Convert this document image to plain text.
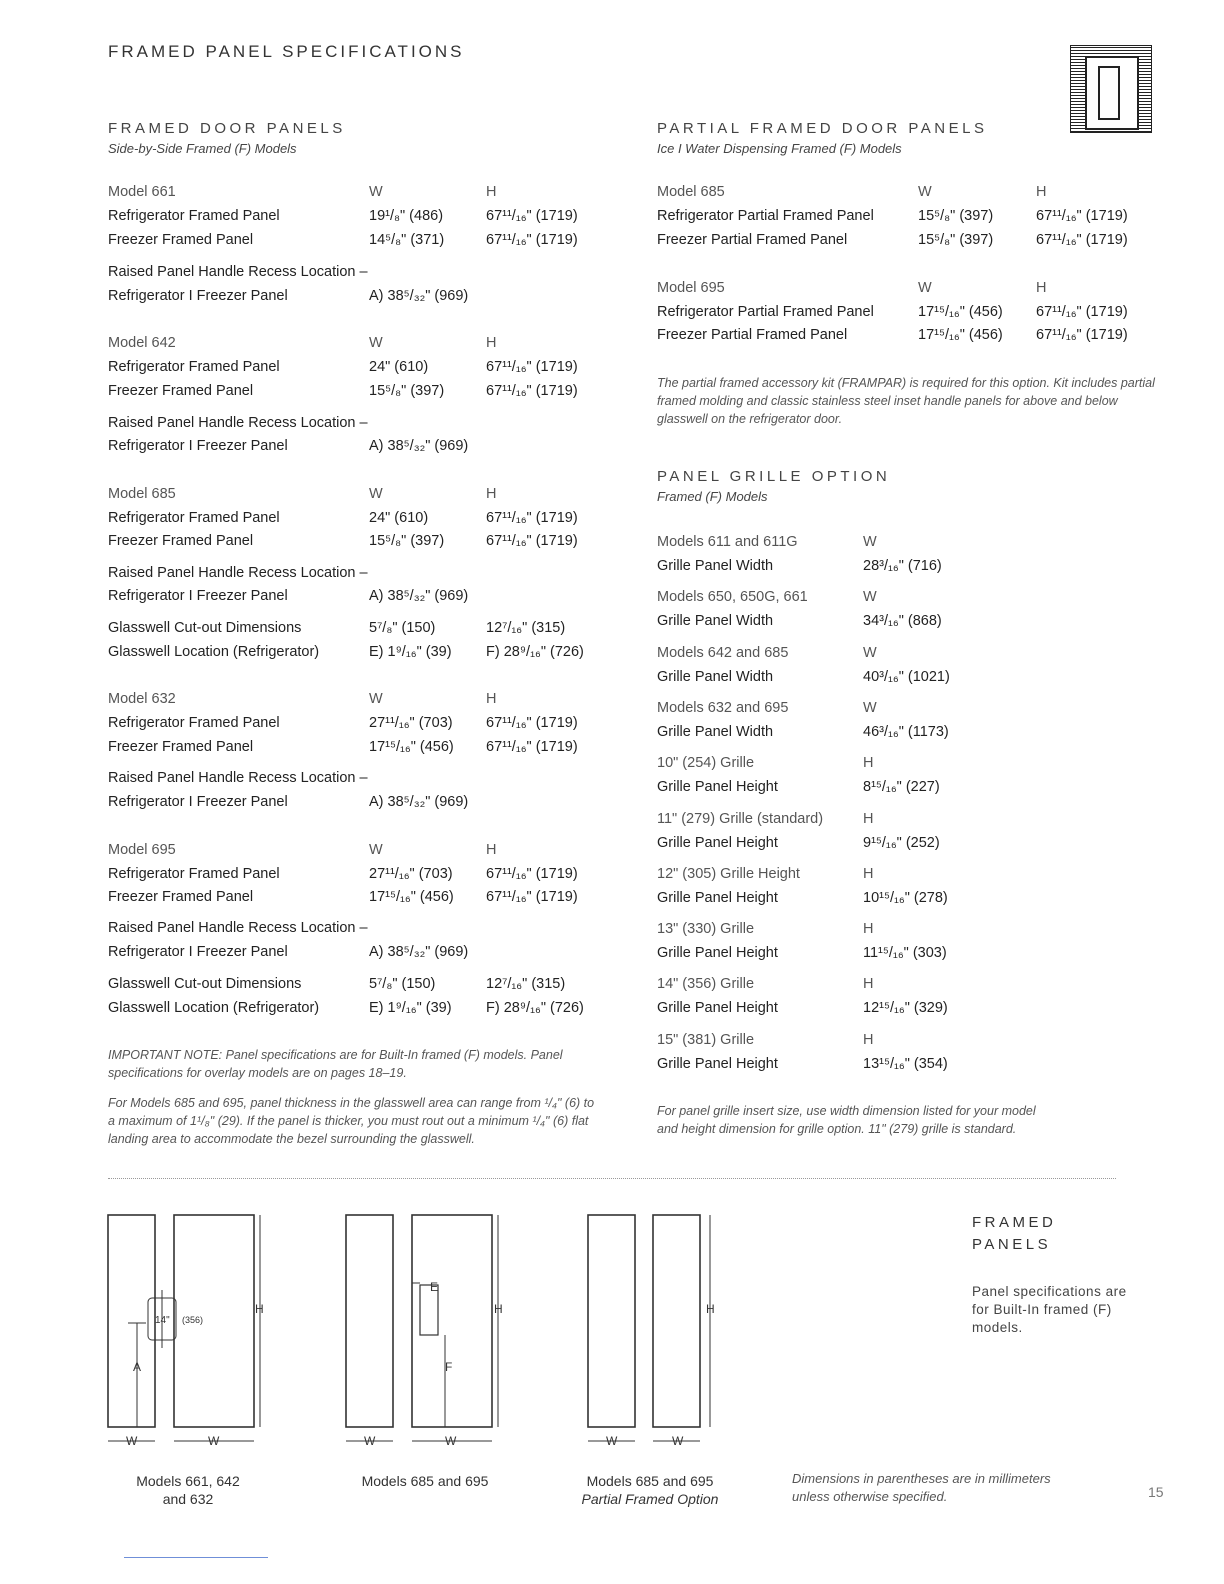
FRAMED PANEL SPECIFICATIONS
FRAMED DOOR PANELS
Side-by-Side Framed (F) Models
Model 661	W	H
Refrigerator Framed Panel	19¹/₈" (486)	67¹¹/₁₆" (1719)
Freezer Framed Panel	14⁵/₈" (371)	67¹¹/₁₆" (1719)
Raised Panel Handle Recess Location –
Refrigerator I Freezer Panel	A) 38⁵/₃₂" (969)
Model 642	W	H
Refrigerator Framed Panel	24" (610)	67¹¹/₁₆" (1719)
Freezer Framed Panel	15⁵/₈" (397)	67¹¹/₁₆" (1719)
Raised Panel Handle Recess Location –
Refrigerator I Freezer Panel	A) 38⁵/₃₂" (969)
Model 685	W	H
Refrigerator Framed Panel	24" (610)	67¹¹/₁₆" (1719)
Freezer Framed Panel	15⁵/₈" (397)	67¹¹/₁₆" (1719)
Raised Panel Handle Recess Location –
Refrigerator I Freezer Panel	A) 38⁵/₃₂" (969)
Glasswell Cut-out Dimensions	5⁷/₈" (150)	12⁷/₁₆" (315)
Glasswell Location (Refrigerator)	E) 1⁹/₁₆" (39) F) 28⁹/₁₆" (726)
Model 632	W	H
Refrigerator Framed Panel	27¹¹/₁₆" (703) 67¹¹/₁₆" (1719)
Freezer Framed Panel	17¹⁵/₁₆" (456) 67¹¹/₁₆" (1719)
Raised Panel Handle Recess Location –
Refrigerator I Freezer Panel	A) 38⁵/₃₂" (969)
Model 695	W	H
Refrigerator Framed Panel	27¹¹/₁₆" (703) 67¹¹/₁₆" (1719)
Freezer Framed Panel	17¹⁵/₁₆" (456) 67¹¹/₁₆" (1719)
Raised Panel Handle Recess Location –
Refrigerator I Freezer Panel	A) 38⁵/₃₂" (969)
Glasswell Cut-out Dimensions	5⁷/₈" (150)	12⁷/₁₆" (315)
Glasswell Location (Refrigerator)	E) 1⁹/₁₆" (39) F) 28⁹/₁₆" (726)
IMPORTANT NOTE: Panel specifications are for Built-In framed (F) models. Panel specifications for overlay models are on pages 18–19.
For Models 685 and 695, panel thickness in the glasswell area can range from ¹/₄" (6) to a maximum of 1¹/₈" (29). If the panel is thicker, you must rout out a minimum ¹/₄" (6) flat landing area to accommodate the bezel surrounding the glasswell.
PARTIAL FRAMED DOOR PANELS
Ice I Water Dispensing Framed (F) Models
Model 685	W	H
Refrigerator Partial Framed Panel	15⁵/₈" (397)	67¹¹/₁₆" (1719)
Freezer Partial Framed Panel	15⁵/₈" (397)	67¹¹/₁₆" (1719)
Model 695	W	H
Refrigerator Partial Framed Panel	17¹⁵/₁₆" (456) 67¹¹/₁₆" (1719)
Freezer Partial Framed Panel	17¹⁵/₁₆" (456) 67¹¹/₁₆" (1719)
The partial framed accessory kit (FRAMPAR) is required for this option. Kit includes partial framed molding and classic stainless steel inset handle panels for above and below glasswell on the refrigerator door.
PANEL GRILLE OPTION
Framed (F) Models
Models 611 and 611G	W
Grille Panel Width	28³/₁₆" (716)
Models 650, 650G, 661	W
Grille Panel Width	34³/₁₆" (868)
Models 642 and 685	W
Grille Panel Width	40³/₁₆" (1021)
Models 632 and 695	W
Grille Panel Width	46³/₁₆" (1173)
10" (254) Grille	H
Grille Panel Height	8¹⁵/₁₆" (227)
11" (279) Grille (standard)	H
Grille Panel Height	9¹⁵/₁₆" (252)
12" (305) Grille Height	H
Grille Panel Height	10¹⁵/₁₆" (278)
13" (330) Grille	H
Grille Panel Height	11¹⁵/₁₆" (303)
14" (356) Grille	H
Grille Panel Height	12¹⁵/₁₆" (329)
15" (381) Grille	H
Grille Panel Height	13¹⁵/₁₆" (354)
For panel grille insert size, use width dimension listed for your model and height dimension for grille option. 11" (279) grille is standard.
W	W
H
A
14" (356)
W	W
H
E
F
W	W
H
Models 661, 642
and 632
Models 685 and 695	Models 685 and 695
Partial Framed Option
FRAMED
PANELS
Panel specifications are for Built-In framed (F) models.
Dimensions in parentheses are in millimeters unless otherwise specified.	15
